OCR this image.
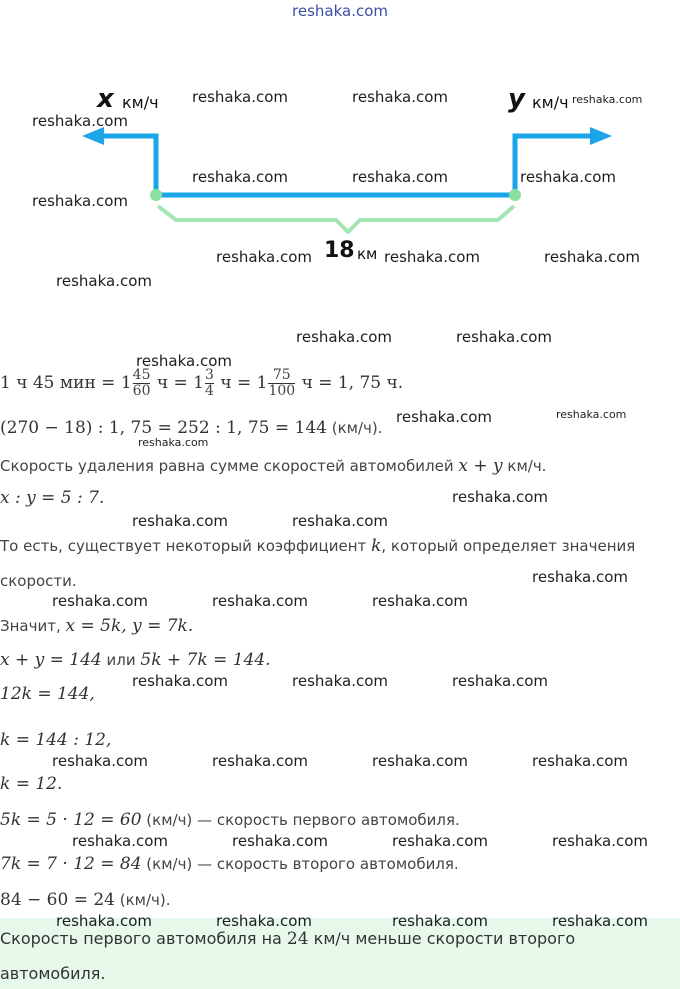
reshaka.com
x км/ч	y км/ч
18 км
reshaka.com	reshaka.com	reshaka.com
reshaka.com
reshaka.com	reshaka.com	reshaka.com
reshaka.com
reshaka.com	reshaka.com	reshaka.com
reshaka.com
reshaka.com	reshaka.com
reshaka.com
reshaka.com	reshaka.com
reshaka.com
reshaka.com
reshaka.com	reshaka.com
reshaka.com
reshaka.com	reshaka.com	reshaka.com
reshaka.com	reshaka.com	reshaka.com
reshaka.com	reshaka.com	reshaka.com	reshaka.com
reshaka.com	reshaka.com	reshaka.com	reshaka.com
1 ч 45 мин = $1 \frac{45}{60}$ $ч = 1 \frac{3}{4}$ $ч = 1 \frac{75}{100}$ ч = 1, 75 ч.
(270 − 18) : 1, 75 = 252 : 1, 75 = 144 (км/ч).
Скорость удаления равна сумме скоростей автомобилей x + y км/ч.
x : y = 5 : 7.
То есть, существует некоторый коэффициент k, который определяет значения
скорости.
Значит, x = 5k, y = 7k.
x + y = 144 или 5k + 7k = 144.
12k = 144,
k = 144 : 12,
k = 12.
5k = 5 · 12 = 60 (км/ч) — скорость первого автомобиля.
7k = 7 · 12 = 84 (км/ч) — скорость второго автомобиля.
84 − 60 = 24 (км/ч).
reshaka.com	reshaka.com	reshaka.com	reshaka.com
Скорость первого автомобиля на 24 км/ч меньше скорости второго
автомобиля.
